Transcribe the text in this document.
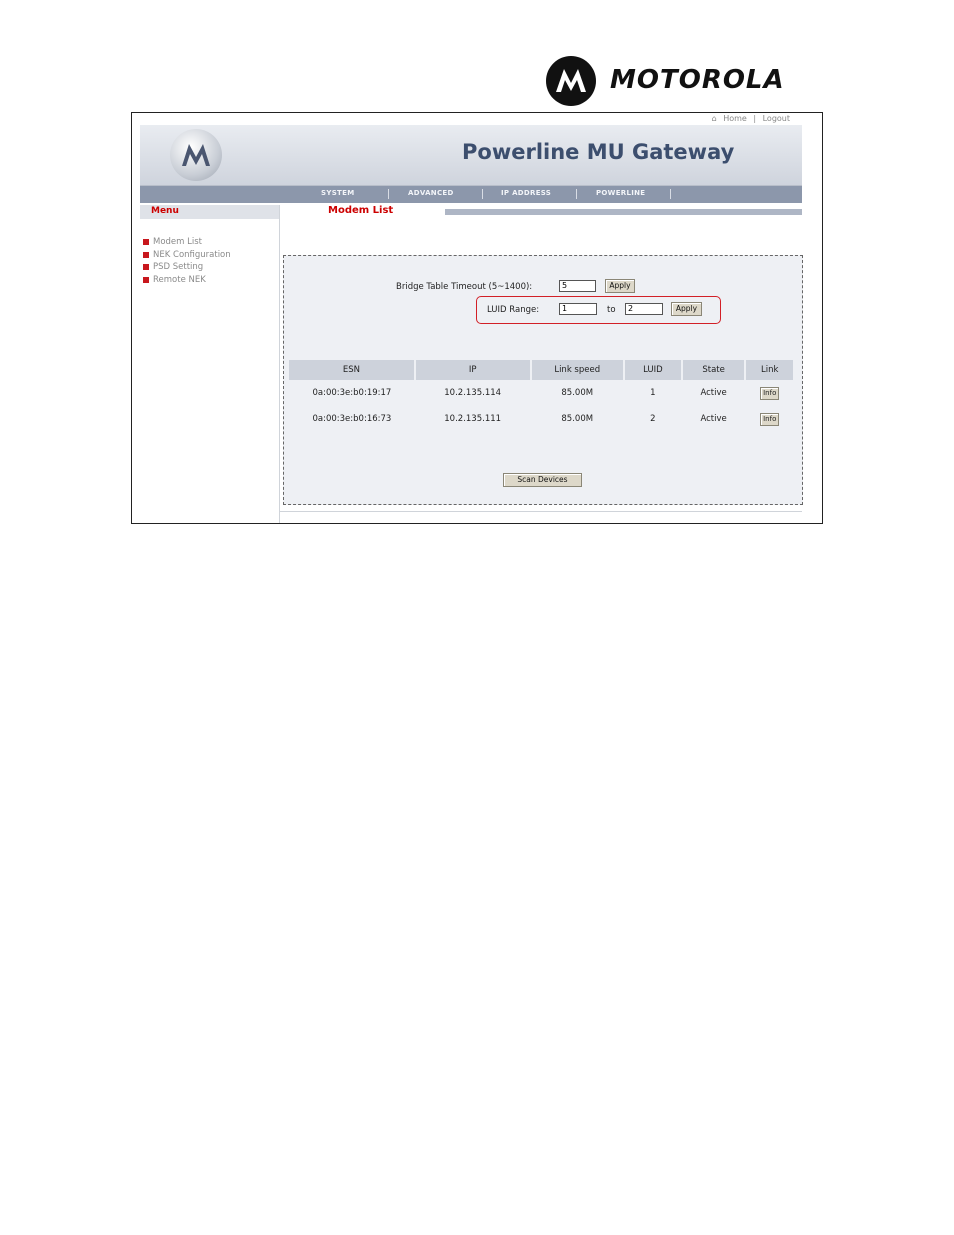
MOTOROLA
⌂ Home | Logout
Powerline MU Gateway
SYSTEM	ADVANCED	IP ADDRESS	POWERLINE
Menu
Modem List
NEK Configuration
PSD Setting
Remote NEK
Modem List
Bridge Table Timeout (5~1400):	5	Apply
LUID Range:	1	to	2	Apply
ESN	IP	Link speed	LUID	State	Link
0a:00:3e:b0:19:17	10.2.135.114	85.00M	1	Active	Info
0a:00:3e:b0:16:73	10.2.135.111	85.00M	2	Active	Info
Scan Devices
